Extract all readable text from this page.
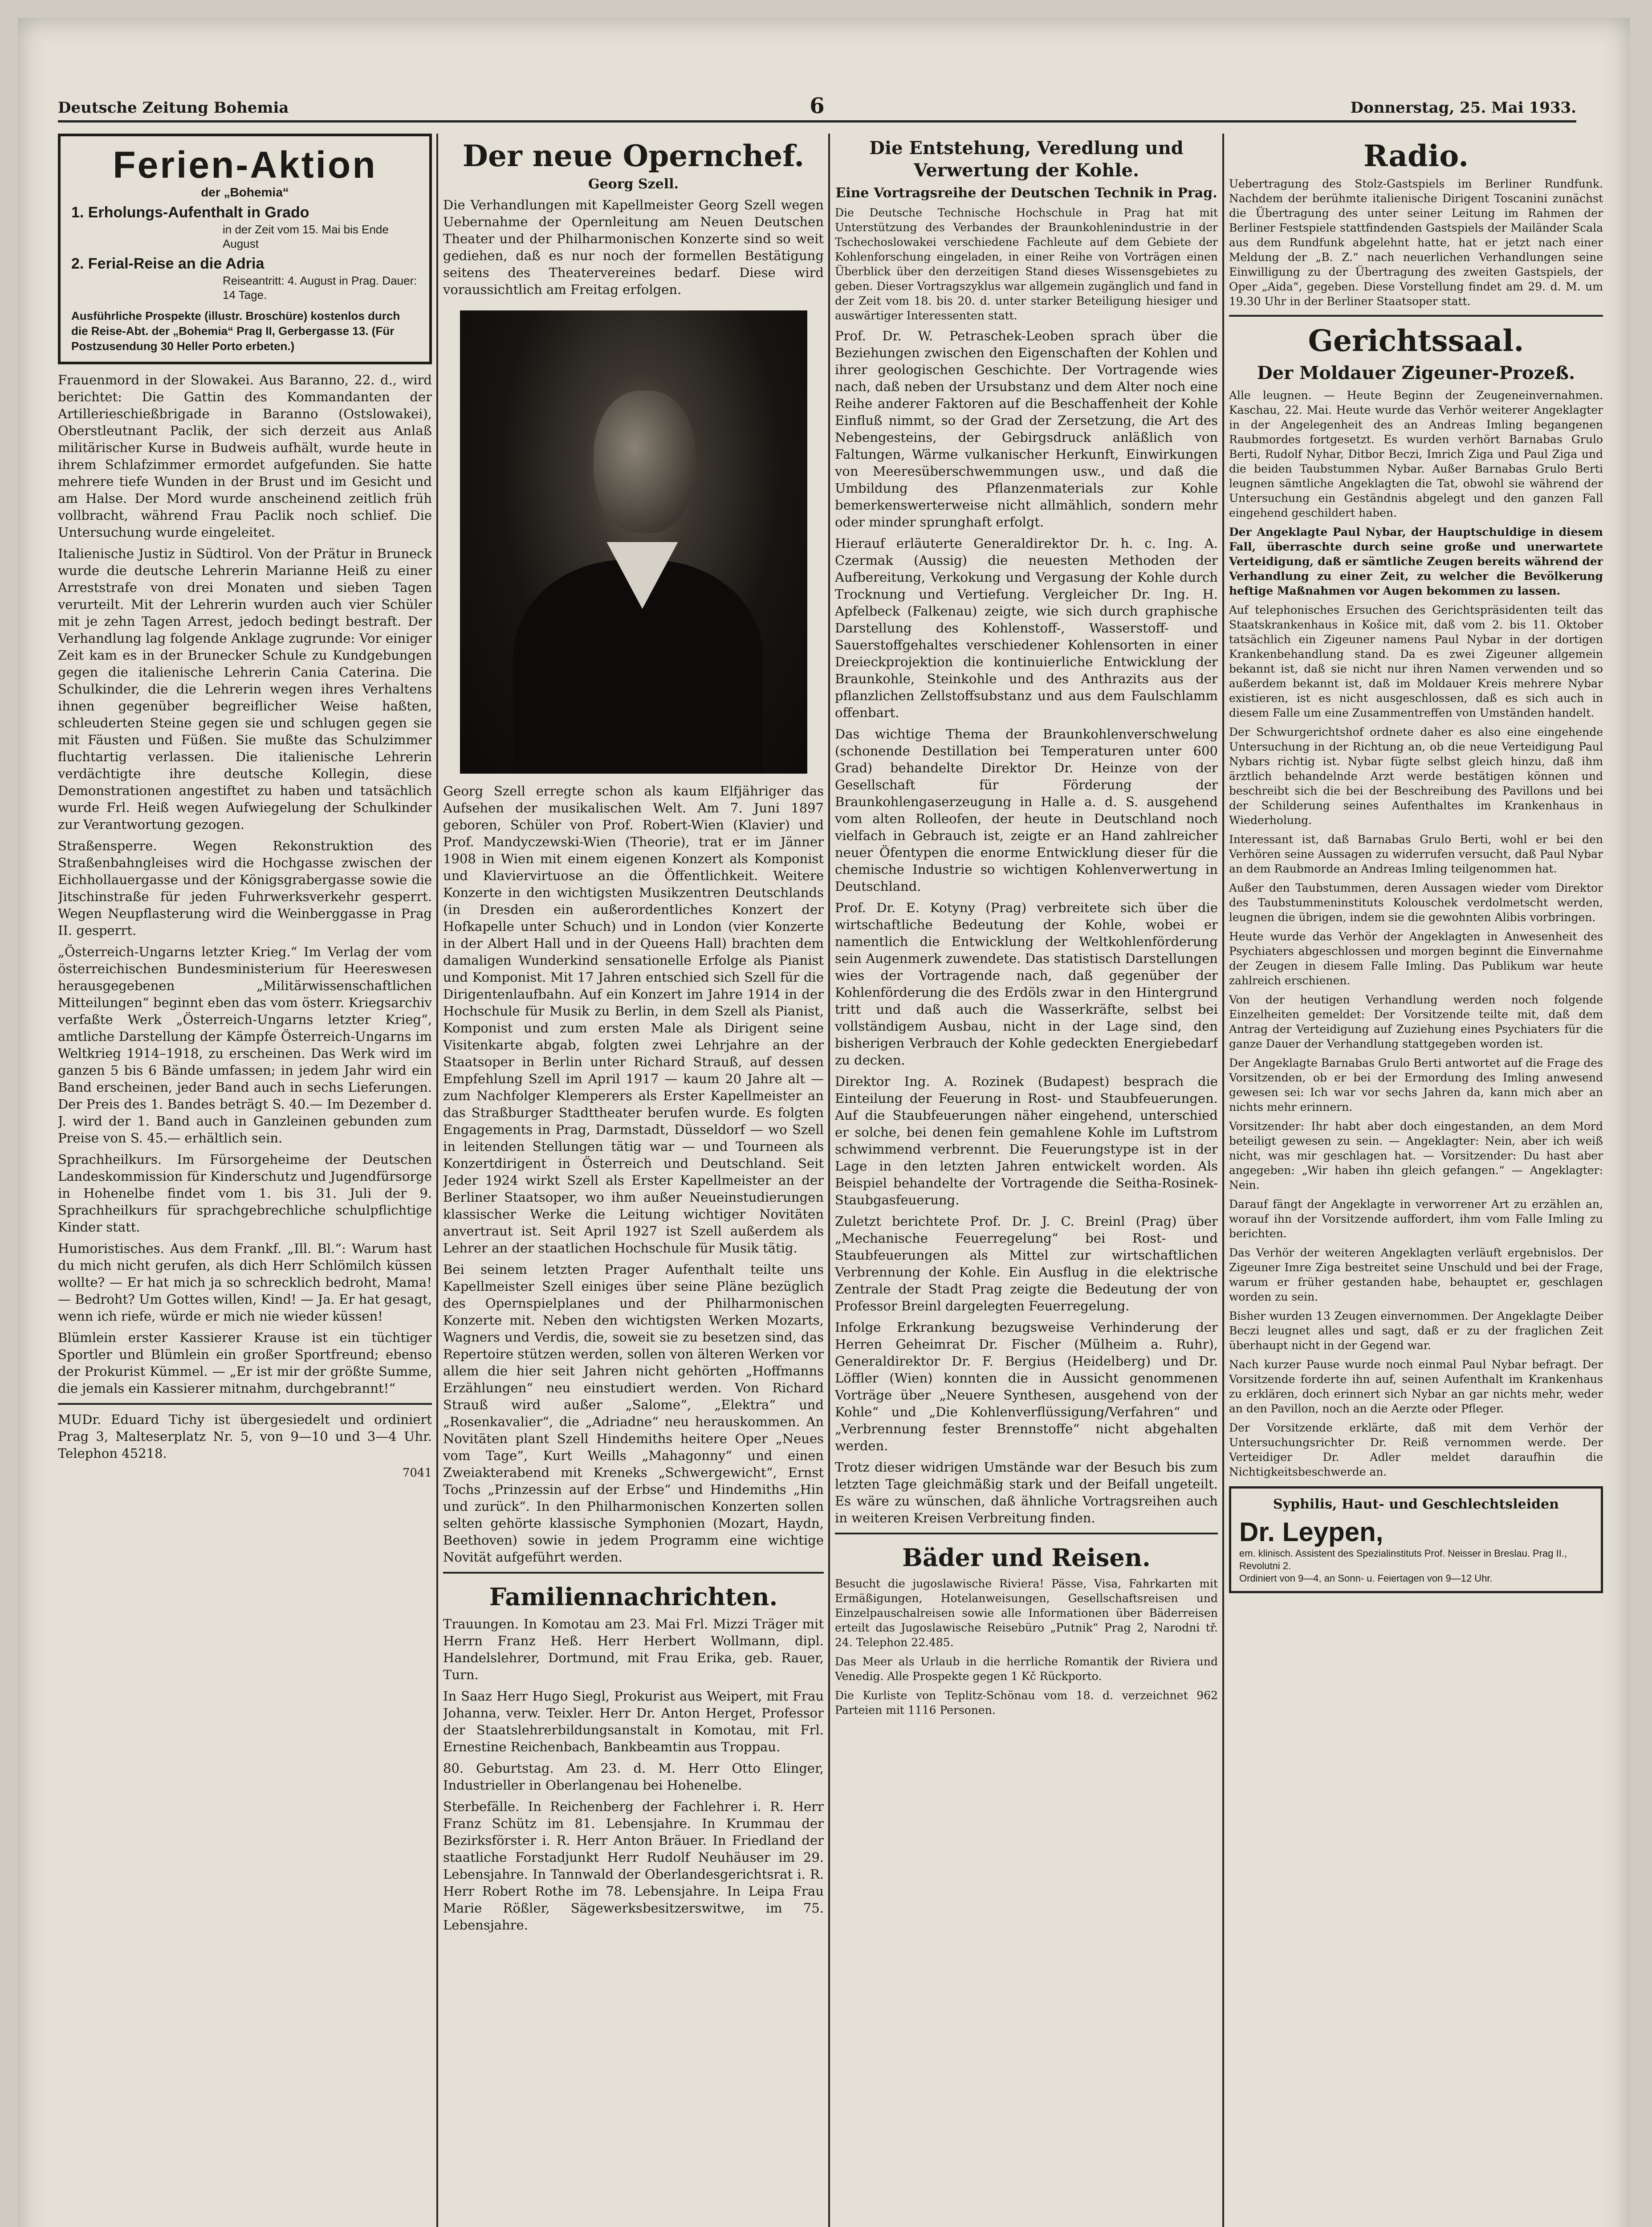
Deutsche Zeitung Bohemia	6	Donnerstag, 25. Mai 1933.
Ferien-Aktion
der „Bohemia“
1. Erholungs-Aufenthalt in Grado
in der Zeit vom 15. Mai bis Ende August
2. Ferial-Reise an die Adria
Reiseantritt: 4. August in Prag. Dauer: 14 Tage.
Ausführliche Prospekte (illustr. Broschüre) kostenlos durch die Reise-Abt. der „Bohemia“ Prag II, Gerbergasse 13. (Für Postzusendung 30 Heller Porto erbeten.)

Frauenmord in der Slowakei. Aus Baranno, 22. d., wird berichtet: Die Gattin des Kommandanten der Artillerieschießbrigade in Baranno (Ostslowakei), Oberstleutnant Paclik, der sich derzeit aus Anlaß militärischer Kurse in Budweis aufhält, wurde heute in ihrem Schlafzimmer ermordet aufgefunden. Sie hatte mehrere tiefe Wunden in der Brust und im Gesicht und am Halse. Der Mord wurde anscheinend zeitlich früh vollbracht, während Frau Paclik noch schlief. Die Untersuchung wurde eingeleitet.

Italienische Justiz in Südtirol. Von der Prätur in Bruneck wurde die deutsche Lehrerin Marianne Heiß zu einer Arreststrafe von drei Monaten und sieben Tagen verurteilt. Mit der Lehrerin wurden auch vier Schüler mit je zehn Tagen Arrest, jedoch bedingt bestraft. Der Verhandlung lag folgende Anklage zugrunde: Vor einiger Zeit kam es in der Brunecker Schule zu Kundgebungen gegen die italienische Lehrerin Cania Caterina. Die Schulkinder, die die Lehrerin wegen ihres Verhaltens ihnen gegenüber begreiflicher Weise haßten, schleuderten Steine gegen sie und schlugen gegen sie mit Fäusten und Füßen. Sie mußte das Schulzimmer fluchtartig verlassen. Die italienische Lehrerin verdächtigte ihre deutsche Kollegin, diese Demonstrationen angestiftet zu haben und tatsächlich wurde Frl. Heiß wegen Aufwiegelung der Schulkinder zur Verantwortung gezogen.

Straßensperre. Wegen Rekonstruktion des Straßenbahngleises wird die Hochgasse zwischen der Eichhollauergasse und der Königsgrabergasse sowie die Jitschinstraße für jeden Fuhrwerksverkehr gesperrt. Wegen Neupflasterung wird die Weinberggasse in Prag II. gesperrt.

„Österreich-Ungarns letzter Krieg.“ Im Verlag der vom österreichischen Bundesministerium für Heereswesen herausgegebenen „Militärwissenschaftlichen Mitteilungen“ beginnt eben das vom österr. Kriegsarchiv verfaßte Werk „Österreich-Ungarns letzter Krieg“, amtliche Darstellung der Kämpfe Österreich-Ungarns im Weltkrieg 1914–1918, zu erscheinen. Das Werk wird im ganzen 5 bis 6 Bände umfassen; in jedem Jahr wird ein Band erscheinen, jeder Band auch in sechs Lieferungen. Der Preis des 1. Bandes beträgt S. 40.— Im Dezember d. J. wird der 1. Band auch in Ganzleinen gebunden zum Preise von S. 45.— erhältlich sein.

Sprachheilkurs. Im Fürsorgeheime der Deutschen Landeskommission für Kinderschutz und Jugendfürsorge in Hohenelbe findet vom 1. bis 31. Juli der 9. Sprachheilkurs für sprachgebrechliche schulpflichtige Kinder statt.

Humoristisches. Aus dem Frankf. „Ill. Bl.“: Warum hast du mich nicht gerufen, als dich Herr Schlömilch küssen wollte? — Er hat mich ja so schrecklich bedroht, Mama! — Bedroht? Um Gottes willen, Kind! — Ja. Er hat gesagt, wenn ich riefe, würde er mich nie wieder küssen!

Blümlein erster Kassierer Krause ist ein tüchtiger Sportler und Blümlein ein großer Sportfreund; ebenso der Prokurist Kümmel. — „Er ist mir der größte Summe, die jemals ein Kassierer mitnahm, durchgebrannt!“

MUDr. Eduard Tichy ist übergesiedelt und ordiniert Prag 3, Malteserplatz Nr. 5, von 9—10 und 3—4 Uhr. Telephon 45218.

7041
Der neue Opernchef.
Georg Szell.

Die Verhandlungen mit Kapellmeister Georg Szell wegen Uebernahme der Opernleitung am Neuen Deutschen Theater und der Philharmonischen Konzerte sind so weit gediehen, daß es nur noch der formellen Bestätigung seitens des Theatervereines bedarf. Diese wird voraussichtlich am Freitag erfolgen.

Georg Szell erregte schon als kaum Elfjähriger das Aufsehen der musikalischen Welt. Am 7. Juni 1897 geboren, Schüler von Prof. Robert-Wien (Klavier) und Prof. Mandyczewski-Wien (Theorie), trat er im Jänner 1908 in Wien mit einem eigenen Konzert als Komponist und Klaviervirtuose an die Öffentlichkeit. Weitere Konzerte in den wichtigsten Musikzentren Deutschlands (in Dresden ein außerordentliches Konzert der Hofkapelle unter Schuch) und in London (vier Konzerte in der Albert Hall und in der Queens Hall) brachten dem damaligen Wunderkind sensationelle Erfolge als Pianist und Komponist. Mit 17 Jahren entschied sich Szell für die Dirigentenlaufbahn. Auf ein Konzert im Jahre 1914 in der Hochschule für Musik zu Berlin, in dem Szell als Pianist, Komponist und zum ersten Male als Dirigent seine Visitenkarte abgab, folgten zwei Lehrjahre an der Staatsoper in Berlin unter Richard Strauß, auf dessen Empfehlung Szell im April 1917 — kaum 20 Jahre alt — zum Nachfolger Klemperers als Erster Kapellmeister an das Straßburger Stadttheater berufen wurde. Es folgten Engagements in Prag, Darmstadt, Düsseldorf — wo Szell in leitenden Stellungen tätig war — und Tourneen als Konzertdirigent in Österreich und Deutschland. Seit Jeder 1924 wirkt Szell als Erster Kapellmeister an der Berliner Staatsoper, wo ihm außer Neueinstudierungen klassischer Werke die Leitung wichtiger Novitäten anvertraut ist. Seit April 1927 ist Szell außerdem als Lehrer an der staatlichen Hochschule für Musik tätig.

Bei seinem letzten Prager Aufenthalt teilte uns Kapellmeister Szell einiges über seine Pläne bezüglich des Opernspielplanes und der Philharmonischen Konzerte mit. Neben den wichtigsten Werken Mozarts, Wagners und Verdis, die, soweit sie zu besetzen sind, das Repertoire stützen werden, sollen von älteren Werken vor allem die hier seit Jahren nicht gehörten „Hoffmanns Erzählungen“ neu einstudiert werden. Von Richard Strauß wird außer „Salome“, „Elektra“ und „Rosenkavalier“, die „Adriadne“ neu herauskommen. An Novitäten plant Szell Hindemiths heitere Oper „Neues vom Tage“, Kurt Weills „Mahagonny“ und einen Zweiakterabend mit Kreneks „Schwergewicht“, Ernst Tochs „Prinzessin auf der Erbse“ und Hindemiths „Hin und zurück“. In den Philharmonischen Konzerten sollen selten gehörte klassische Symphonien (Mozart, Haydn, Beethoven) sowie in jedem Programm eine wichtige Novität aufgeführt werden.

Familiennachrichten.

Trauungen. In Komotau am 23. Mai Frl. Mizzi Träger mit Herrn Franz Heß. Herr Herbert Wollmann, dipl. Handelslehrer, Dortmund, mit Frau Erika, geb. Rauer, Turn.

In Saaz Herr Hugo Siegl, Prokurist aus Weipert, mit Frau Johanna, verw. Teixler. Herr Dr. Anton Herget, Professor der Staatslehrerbildungsanstalt in Komotau, mit Frl. Ernestine Reichenbach, Bankbeamtin aus Troppau.

80. Geburtstag. Am 23. d. M. Herr Otto Elinger, Industrieller in Oberlangenau bei Hohenelbe.

Sterbefälle. In Reichenberg der Fachlehrer i. R. Herr Franz Schütz im 81. Lebensjahre. In Krummau der Bezirksförster i. R. Herr Anton Bräuer. In Friedland der staatliche Forstadjunkt Herr Rudolf Neuhäuser im 29. Lebensjahre. In Tannwald der Oberlandesgerichtsrat i. R. Herr Robert Rothe im 78. Lebensjahre. In Leipa Frau Marie Rößler, Sägewerksbesitzerswitwe, im 75. Lebensjahre.

Die Entstehung, Veredlung und Verwertung der Kohle.
Eine Vortragsreihe der Deutschen Technik in Prag.

Die Deutsche Technische Hochschule in Prag hat mit Unterstützung des Verbandes der Braunkohlenindustrie in der Tschechoslowakei verschiedene Fachleute auf dem Gebiete der Kohlenforschung eingeladen, in einer Reihe von Vorträgen einen Überblick über den derzeitigen Stand dieses Wissensgebietes zu geben. Dieser Vortragszyklus war allgemein zugänglich und fand in der Zeit vom 18. bis 20. d. unter starker Beteiligung hiesiger und auswärtiger Interessenten statt.

Prof. Dr. W. Petraschek-Leoben sprach über die Beziehungen zwischen den Eigenschaften der Kohlen und ihrer geologischen Geschichte. Der Vortragende wies nach, daß neben der Ursubstanz und dem Alter noch eine Reihe anderer Faktoren auf die Beschaffenheit der Kohle Einfluß nimmt, so der Grad der Zersetzung, die Art des Nebengesteins, der Gebirgsdruck anläßlich von Faltungen, Wärme vulkanischer Herkunft, Einwirkungen von Meeresüberschwemmungen usw., und daß die Umbildung des Pflanzenmaterials zur Kohle bemerkenswerterweise nicht allmählich, sondern mehr oder minder sprunghaft erfolgt.

Hierauf erläuterte Generaldirektor Dr. h. c. Ing. A. Czermak (Aussig) die neuesten Methoden der Aufbereitung, Verkokung und Vergasung der Kohle durch Trocknung und Vertiefung. Vergleicher Dr. Ing. H. Apfelbeck (Falkenau) zeigte, wie sich durch graphische Darstellung des Kohlenstoff-, Wasserstoff- und Sauerstoffgehaltes verschiedener Kohlensorten in einer Dreieckprojektion die kontinuierliche Entwicklung der Braunkohle, Steinkohle und des Anthrazits aus der pflanzlichen Zellstoffsubstanz und aus dem Faulschlamm offenbart.

Das wichtige Thema der Braunkohlenverschwelung (schonende Destillation bei Temperaturen unter 600 Grad) behandelte Direktor Dr. Heinze von der Gesellschaft für Förderung der Braunkohlengaserzeugung in Halle a. d. S. ausgehend vom alten Rolleofen, der heute in Deutschland noch vielfach in Gebrauch ist, zeigte er an Hand zahlreicher neuer Öfentypen die enorme Entwicklung dieser für die chemische Industrie so wichtigen Kohlenverwertung in Deutschland.

Prof. Dr. E. Kotyny (Prag) verbreitete sich über die wirtschaftliche Bedeutung der Kohle, wobei er namentlich die Entwicklung der Weltkohlenförderung sein Augenmerk zuwendete. Das statistisch Darstellungen wies der Vortragende nach, daß gegenüber der Kohlenförderung die des Erdöls zwar in den Hintergrund tritt und daß auch die Wasserkräfte, selbst bei vollständigem Ausbau, nicht in der Lage sind, den bisherigen Verbrauch der Kohle gedeckten Energiebedarf zu decken.

Direktor Ing. A. Rozinek (Budapest) besprach die Einteilung der Feuerung in Rost- und Staubfeuerungen. Auf die Staubfeuerungen näher eingehend, unterschied er solche, bei denen fein gemahlene Kohle im Luftstrom schwimmend verbrennt. Die Feuerungstype ist in der Lage in den letzten Jahren entwickelt worden. Als Beispiel behandelte der Vortragende die Seitha-Rosinek-Staubgasfeuerung.

Zuletzt berichtete Prof. Dr. J. C. Breinl (Prag) über „Mechanische Feuerregelung“ bei Rost- und Staubfeuerungen als Mittel zur wirtschaftlichen Verbrennung der Kohle. Ein Ausflug in die elektrische Zentrale der Stadt Prag zeigte die Bedeutung der von Professor Breinl dargelegten Feuerregelung.

Infolge Erkrankung bezugsweise Verhinderung der Herren Geheimrat Dr. Fischer (Mülheim a. Ruhr), Generaldirektor Dr. F. Bergius (Heidelberg) und Dr. Löffler (Wien) konnten die in Aussicht genommenen Vorträge über „Neuere Synthesen, ausgehend von der Kohle“ und „Die Kohlenverflüssigung/Verfahren“ und „Verbrennung fester Brennstoffe“ nicht abgehalten werden.

Trotz dieser widrigen Umstände war der Besuch bis zum letzten Tage gleichmäßig stark und der Beifall ungeteilt. Es wäre zu wünschen, daß ähnliche Vortragsreihen auch in weiteren Kreisen Verbreitung finden.

Bäder und Reisen.

Besucht die jugoslawische Riviera! Pässe, Visa, Fahrkarten mit Ermäßigungen, Hotelanweisungen, Gesellschaftsreisen und Einzelpauschalreisen sowie alle Informationen über Bäderreisen erteilt das Jugoslawische Reisebüro „Putnik“ Prag 2, Narodni tř. 24. Telephon 22.485.

Das Meer als Urlaub in die herrliche Romantik der Riviera und Venedig. Alle Prospekte gegen 1 Kč Rückporto.

Die Kurliste von Teplitz-Schönau vom 18. d. verzeichnet 962 Parteien mit 1116 Personen.

Radio.

Uebertragung des Stolz-Gastspiels im Berliner Rundfunk. Nachdem der berühmte italienische Dirigent Toscanini zunächst die Übertragung des unter seiner Leitung im Rahmen der Berliner Festspiele stattfindenden Gastspiels der Mailänder Scala aus dem Rundfunk abgelehnt hatte, hat er jetzt nach einer Meldung der „B. Z.“ nach neuerlichen Verhandlungen seine Einwilligung zu der Übertragung des zweiten Gastspiels, der Oper „Aida“, gegeben. Diese Vorstellung findet am 29. d. M. um 19.30 Uhr in der Berliner Staatsoper statt.

Gerichtssaal.
Der Moldauer Zigeuner-Prozeß.

Alle leugnen. — Heute Beginn der Zeugeneinvernahmen. Kaschau, 22. Mai. Heute wurde das Verhör weiterer Angeklagter in der Angelegenheit des an Andreas Imling begangenen Raubmordes fortgesetzt. Es wurden verhört Barnabas Grulo Berti, Rudolf Nyhar, Ditbor Beczi, Imrich Ziga und Paul Ziga und die beiden Taubstummen Nybar. Außer Barnabas Grulo Berti leugnen sämtliche Angeklagten die Tat, obwohl sie während der Untersuchung ein Geständnis abgelegt und den ganzen Fall eingehend geschildert haben.

Der Angeklagte Paul Nybar, der Hauptschuldige in diesem Fall, überraschte durch seine große und unerwartete Verteidigung, daß er sämtliche Zeugen bereits während der Verhandlung zu einer Zeit, zu welcher die Bevölkerung heftige Maßnahmen vor Augen bekommen zu lassen.

Auf telephonisches Ersuchen des Gerichtspräsidenten teilt das Staatskrankenhaus in Košice mit, daß vom 2. bis 11. Oktober tatsächlich ein Zigeuner namens Paul Nybar in der dortigen Krankenbehandlung stand. Da es zwei Zigeuner allgemein bekannt ist, daß sie nicht nur ihren Namen verwenden und so außerdem bekannt ist, daß im Moldauer Kreis mehrere Nybar existieren, ist es nicht ausgeschlossen, daß es sich auch in diesem Falle um eine Zusammentreffen von Umständen handelt.

Der Schwurgerichtshof ordnete daher es also eine eingehende Untersuchung in der Richtung an, ob die neue Verteidigung Paul Nybars richtig ist. Nybar fügte selbst gleich hinzu, daß ihm ärztlich behandelnde Arzt werde bestätigen können und beschreibt sich die bei der Beschreibung des Pavillons und bei der Schilderung seines Aufenthaltes im Krankenhaus in Wiederholung.

Interessant ist, daß Barnabas Grulo Berti, wohl er bei den Verhören seine Aussagen zu widerrufen versucht, daß Paul Nybar an dem Raubmorde an Andreas Imling teilgenommen hat.

Außer den Taubstummen, deren Aussagen wieder vom Direktor des Taubstummeninstituts Kolouschek verdolmetscht werden, leugnen die übrigen, indem sie die gewohnten Alibis vorbringen.

Heute wurde das Verhör der Angeklagten in Anwesenheit des Psychiaters abgeschlossen und morgen beginnt die Einvernahme der Zeugen in diesem Falle Imling. Das Publikum war heute zahlreich erschienen.

Von der heutigen Verhandlung werden noch folgende Einzelheiten gemeldet: Der Vorsitzende teilte mit, daß dem Antrag der Verteidigung auf Zuziehung eines Psychiaters für die ganze Dauer der Verhandlung stattgegeben worden ist.

Der Angeklagte Barnabas Grulo Berti antwortet auf die Frage des Vorsitzenden, ob er bei der Ermordung des Imling anwesend gewesen sei: Ich war vor sechs Jahren da, kann mich aber an nichts mehr erinnern.

Vorsitzender: Ihr habt aber doch eingestanden, an dem Mord beteiligt gewesen zu sein. — Angeklagter: Nein, aber ich weiß nicht, was mir geschlagen hat. — Vorsitzender: Du hast aber angegeben: „Wir haben ihn gleich gefangen.“ — Angeklagter: Nein.

Darauf fängt der Angeklagte in verworrener Art zu erzählen an, worauf ihn der Vorsitzende auffordert, ihm vom Falle Imling zu berichten.

Das Verhör der weiteren Angeklagten verläuft ergebnislos. Der Zigeuner Imre Ziga bestreitet seine Unschuld und bei der Frage, warum er früher gestanden habe, behauptet er, geschlagen worden zu sein.

Bisher wurden 13 Zeugen einvernommen. Der Angeklagte Deiber Beczi leugnet alles und sagt, daß er zu der fraglichen Zeit überhaupt nicht in der Gegend war.

Nach kurzer Pause wurde noch einmal Paul Nybar befragt. Der Vorsitzende forderte ihn auf, seinen Aufenthalt im Krankenhaus zu erklären, doch erinnert sich Nybar an gar nichts mehr, weder an den Pavillon, noch an die Aerzte oder Pfleger.

Der Vorsitzende erklärte, daß mit dem Verhör der Untersuchungsrichter Dr. Reiß vernommen werde. Der Verteidiger Dr. Adler meldet daraufhin die Nichtigkeitsbeschwerde an.

Syphilis, Haut- und Geschlechtsleiden
Dr. Leypen,
em. klinisch. Assistent des Spezialinstituts Prof. Neisser in Breslau. Prag II., Revolutni 2.
Ordiniert von 9—4, an Sonn- u. Feiertagen von 9—12 Uhr.
